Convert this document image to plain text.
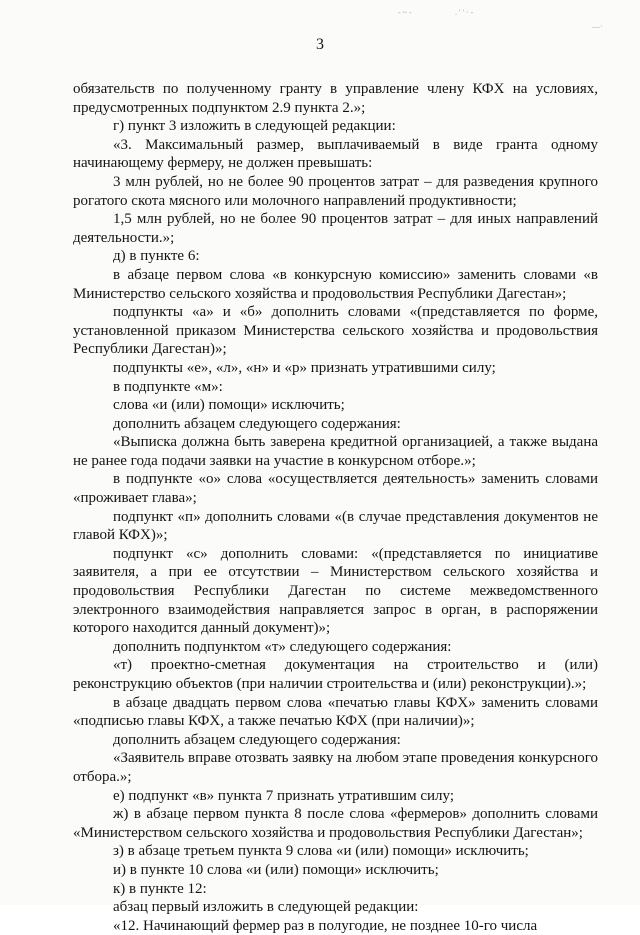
- ~ -	. ' ' · -
—·
3

обязательств по полученному гранту в управление члену КФХ на условиях, предусмотренных подпунктом 2.9 пункта 2.»;

г) пункт 3 изложить в следующей редакции:

«3. Максимальный размер, выплачиваемый в виде гранта одному начинающему фермеру, не должен превышать:

3 млн рублей, но не более 90 процентов затрат – для разведения крупного рогатого скота мясного или молочного направлений продуктивности;

1,5 млн рублей, но не более 90 процентов затрат – для иных направлений деятельности.»;

д) в пункте 6:

в абзаце первом слова «в конкурсную комиссию» заменить словами «в Министерство сельского хозяйства и продовольствия Республики Дагестан»;

подпункты «а» и «б» дополнить словами «(представляется по форме, установленной приказом Министерства сельского хозяйства и продовольствия Республики Дагестан)»;

подпункты «е», «л», «н» и «р» признать утратившими силу;

в подпункте «м»:

слова «и (или) помощи» исключить;

дополнить абзацем следующего содержания:

«Выписка должна быть заверена кредитной организацией, а также выдана не ранее года подачи заявки на участие в конкурсном отборе.»;

в подпункте «о» слова «осуществляется деятельность» заменить словами «проживает глава»;

подпункт «п» дополнить словами «(в случае представления документов не главой КФХ)»;

подпункт «с» дополнить словами: «(представляется по инициативе заявителя, а при ее отсутствии – Министерством сельского хозяйства и продовольствия Республики Дагестан по системе межведомственного электронного взаимодействия направляется запрос в орган, в распоряжении которого находится данный документ)»;

дополнить подпунктом «т» следующего содержания:

«т) проектно-сметная документация на строительство и (или) реконструкцию объектов (при наличии строительства и (или) реконструкции).»;

в абзаце двадцать первом слова «печатью главы КФХ» заменить словами «подписью главы КФХ, а также печатью КФХ (при наличии)»;

дополнить абзацем следующего содержания:

«Заявитель вправе отозвать заявку на любом этапе проведения конкурсного отбора.»;

е) подпункт «в» пункта 7 признать утратившим силу;

ж) в абзаце первом пункта 8 после слова «фермеров» дополнить словами «Министерством сельского хозяйства и продовольствия Республики Дагестан»;

з) в абзаце третьем пункта 9 слова «и (или) помощи» исключить;

и) в пункте 10 слова «и (или) помощи» исключить;

к) в пункте 12:

абзац первый изложить в следующей редакции:

«12. Начинающий фермер раз в полугодие, не позднее 10-го числа
